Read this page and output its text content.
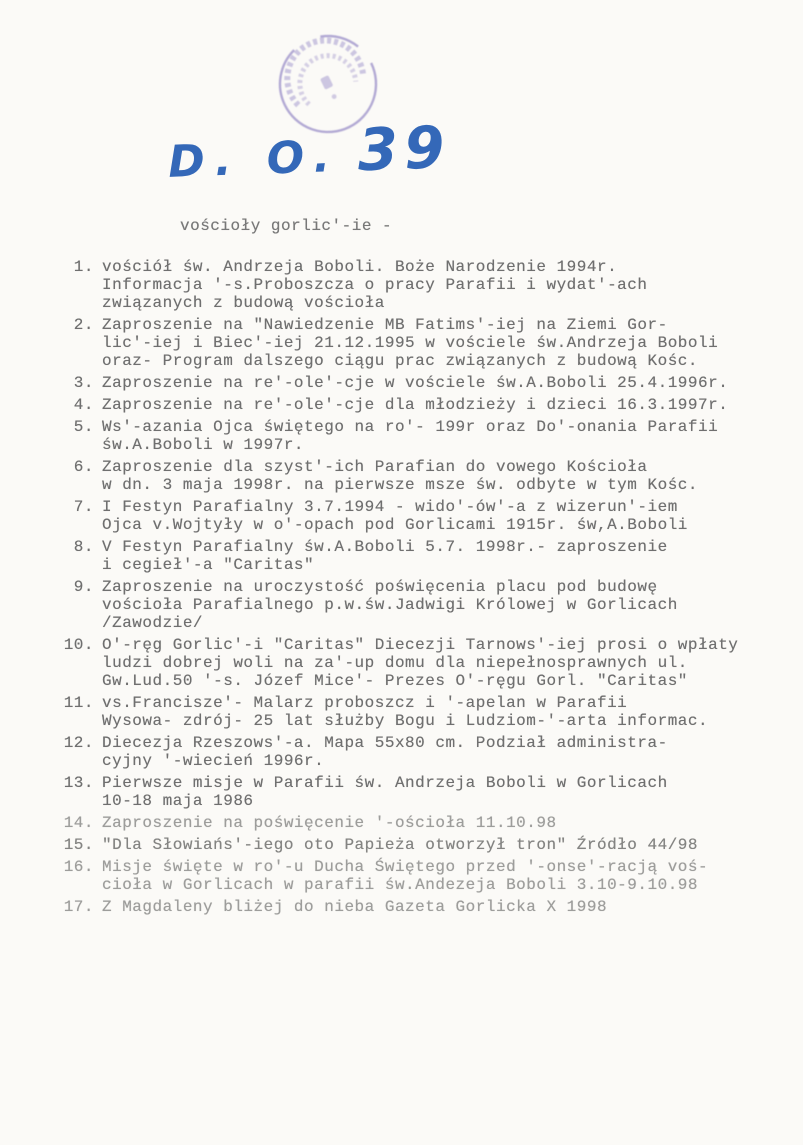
D. O. 39
vościoły gorlic'-ie -
1. vościół św. Andrzeja Boboli. Boże Narodzenie 1994r.
Informacja '-s.Proboszcza o pracy Parafii i wydat'-ach
związanych z budową vościoła
2. Zaproszenie na "Nawiedzenie MB Fatims'-iej na Ziemi Gor-
lic'-iej i Biec'-iej 21.12.1995 w vościele św.Andrzeja Boboli
oraz- Program dalszego ciągu prac związanych z budową Kośc.
3. Zaproszenie na re'-ole'-cje w vościele św.A.Boboli 25.4.1996r.
4. Zaproszenie na re'-ole'-cje dla młodzieży i dzieci 16.3.1997r.
5. Ws'-azania Ojca świętego na ro'- 199r oraz Do'-onania Parafii
św.A.Boboli w 1997r.
6. Zaproszenie dla szyst'-ich Parafian do vowego Kościoła
w dn. 3 maja 1998r. na pierwsze msze św. odbyte w tym Kośc.
7. I Festyn Parafialny 3.7.1994 - wido'-ów'-a z wizerun'-iem
Ojca v.Wojtyły w o'-opach pod Gorlicami 1915r. św,A.Boboli
8. V Festyn Parafialny św.A.Boboli 5.7. 1998r.- zaproszenie
i cegieł'-a "Caritas"
9. Zaproszenie na uroczystość poświęcenia placu pod budowę
vościoła Parafialnego p.w.św.Jadwigi Królowej w Gorlicach
/Zawodzie/
10. O'-ręg Gorlic'-i "Caritas" Diecezji Tarnows'-iej prosi o wpłaty
ludzi dobrej woli na za'-up domu dla niepełnosprawnych ul.
Gw.Lud.50 '-s. Józef Mice'- Prezes O'-ręgu Gorl. "Caritas"
11. vs.Francisze'- Malarz proboszcz i '-apelan w Parafii
Wysowa- zdrój- 25 lat służby Bogu i Ludziom-'-arta informac.
12. Diecezja Rzeszows'-a. Mapa 55x80 cm. Podział administra-
cyjny '-wiecień 1996r.
13. Pierwsze misje w Parafii św. Andrzeja Boboli w Gorlicach
10-18 maja 1986
14. Zaproszenie na poświęcenie '-ościoła 11.10.98
15. "Dla Słowiańs'-iego oto Papieża otworzył tron" Źródło 44/98
16. Misje święte w ro'-u Ducha Świętego przed '-onse'-racją voś-
cioła w Gorlicach w parafii św.Andezeja Boboli 3.10-9.10.98
17. Z Magdaleny bliżej do nieba Gazeta Gorlicka X 1998
